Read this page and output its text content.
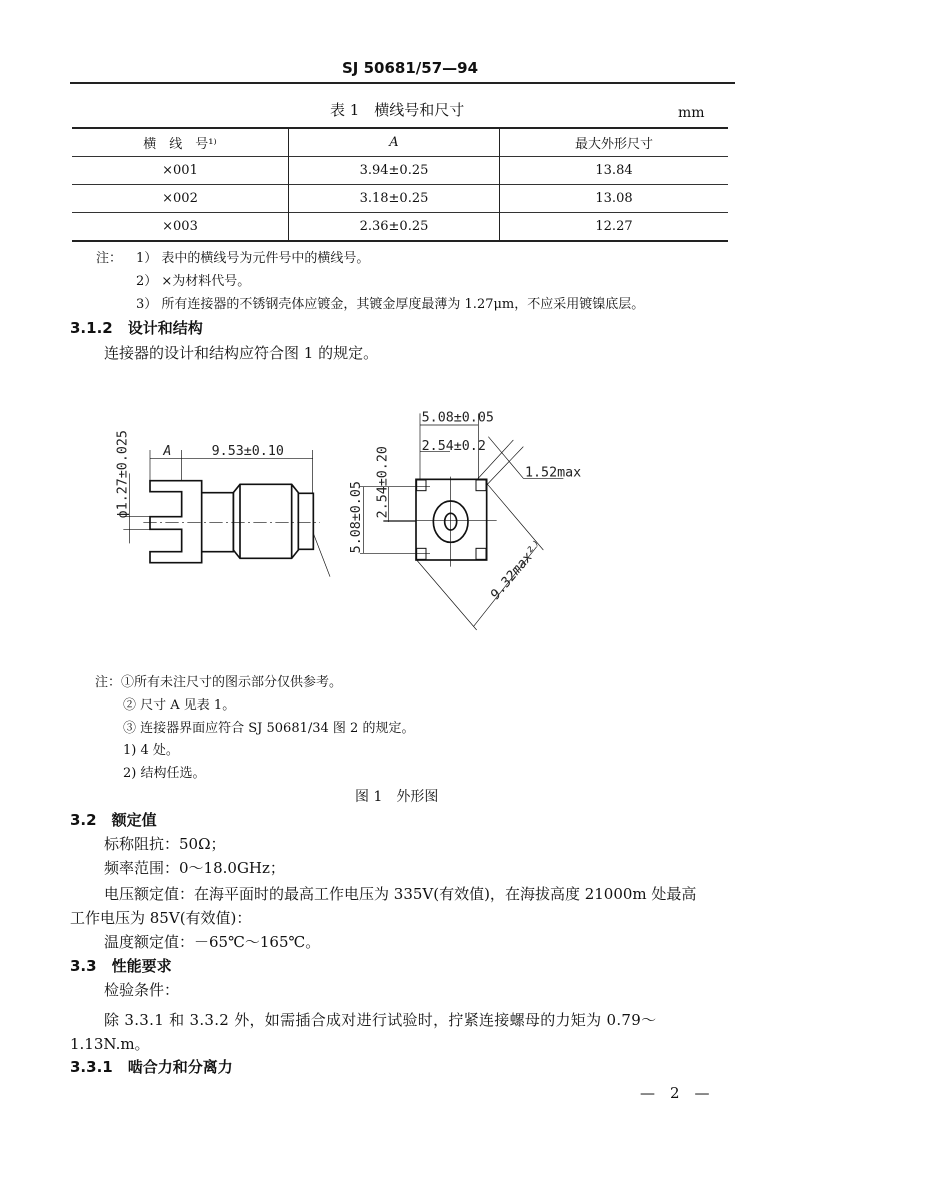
SJ 50681/57—94
表 1　横线号和尺寸	mm
横　线　号¹⁾	A	最大外形尺寸
×001	3.94±0.25	13.84
×002	3.18±0.25	13.08
×003	2.36±0.25	12.27
注： 1） 表中的横线号为元件号中的横线号。
2） ×为材料代号。
3） 所有连接器的不锈钢壳体应镀金，其镀金厚度最薄为 1.27μm，不应采用镀镍底层。
3.1.2　设计和结构
连接器的设计和结构应符合图 1 的规定。
A 9.53±0.10
ϕ1.27±0.025
5.08±0.05
2.54±0.2
1.52max
5.08±0.05 2.54±0.20
9.32max²⁾
注：①所有未注尺寸的图示部分仅供参考。
② 尺寸 A 见表 1。
③ 连接器界面应符合 SJ 50681/34 图 2 的规定。
1) 4 处。
2) 结构任选。
图 1　外形图
3.2　额定值
标称阻抗：50Ω；
频率范围：0～18.0GHz；
电压额定值：在海平面时的最高工作电压为 335V(有效值)，在海拔高度 21000m 处最高
工作电压为 85V(有效值)：
温度额定值：－65℃～165℃。
3.3　性能要求
检验条件：
除 3.3.1 和 3.3.2 外，如需插合成对进行试验时，拧紧连接螺母的力矩为 0.79～
1.13N.m。
3.3.1　啮合力和分离力
—　2　—
